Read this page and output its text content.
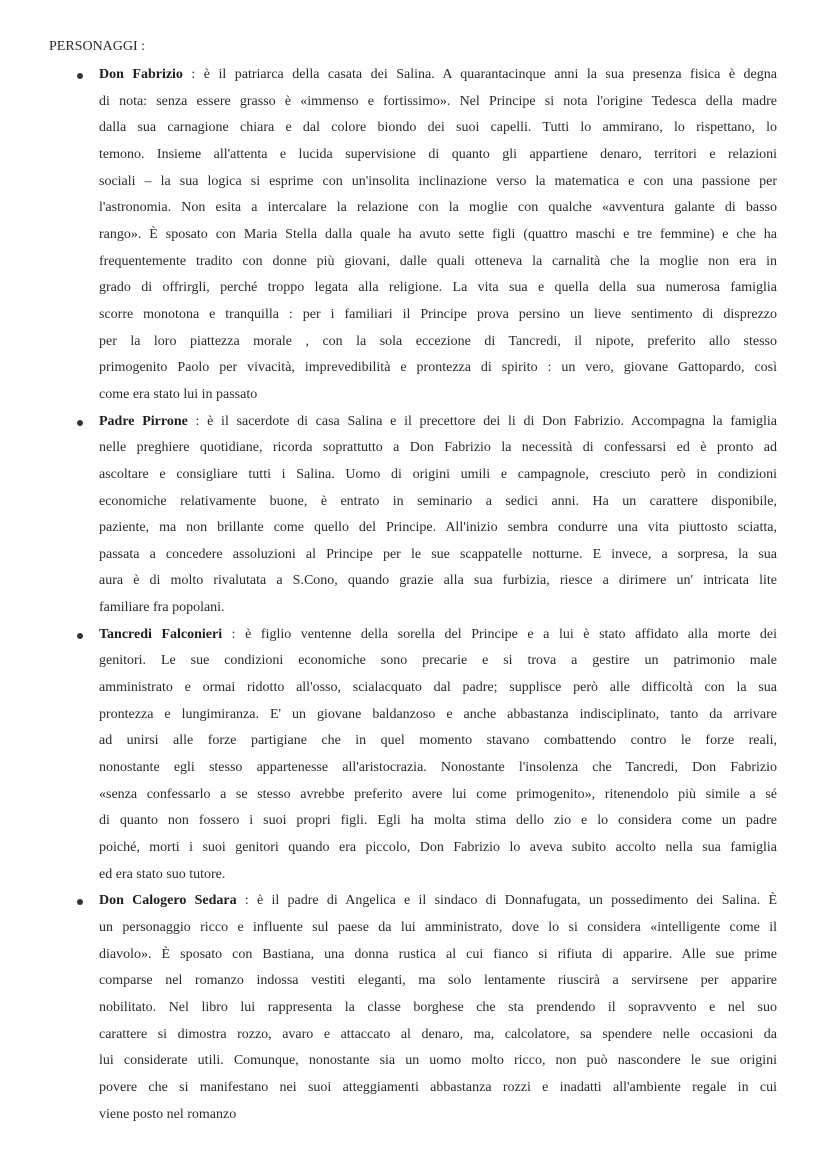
PERSONAGGI :
Don Fabrizio : è il patriarca della casata dei Salina. A quarantacinque anni la sua presenza fisica è degna
di nota: senza essere grasso è «immenso e fortissimo». Nel Principe si nota l'origine Tedesca della madre
dalla sua carnagione chiara e dal colore biondo dei suoi capelli. Tutti lo ammirano, lo rispettano, lo
temono. Insieme all'attenta e lucida supervisione di quanto gli appartiene denaro, territori e relazioni
sociali – la sua logica si esprime con un'insolita inclinazione verso la matematica e con una passione per
l'astronomia. Non esita a intercalare la relazione con la moglie con qualche «avventura galante di basso
rango». È sposato con Maria Stella dalla quale ha avuto sette figli (quattro maschi e tre femmine) e che ha
frequentemente tradito con donne più giovani, dalle quali otteneva la carnalità che la moglie non era in
grado di offrirgli, perché troppo legata alla religione. La vita sua e quella della sua numerosa famiglia
scorre monotona e tranquilla : per i familiari il Principe prova persino un lieve sentimento di disprezzo
per la loro piattezza morale , con la sola eccezione di Tancredi, il nipote, preferito allo stesso
primogenito Paolo per vivacità, imprevedibilità e prontezza di spirito : un vero, giovane Gattopardo, così
come era stato lui in passato
Padre Pirrone : è il sacerdote di casa Salina e il precettore dei li di Don Fabrizio. Accompagna la famiglia
nelle preghiere quotidiane, ricorda soprattutto a Don Fabrizio la necessità di confessarsi ed è pronto ad
ascoltare e consigliare tutti i Salina. Uomo di origini umili e campagnole, cresciuto però in condizioni
economiche relativamente buone, è entrato in seminario a sedici anni. Ha un carattere disponibile,
paziente, ma non brillante come quello del Principe. All'inizio sembra condurre una vita piuttosto sciatta,
passata a concedere assoluzioni al Principe per le sue scappatelle notturne. E invece, a sorpresa, la sua
aura è di molto rivalutata a S.Cono, quando grazie alla sua furbizia, riesce a dirimere un' intricata lite
familiare fra popolani.
Tancredi Falconieri : è figlio ventenne della sorella del Principe e a lui è stato affidato alla morte dei
genitori. Le sue condizioni economiche sono precarie e si trova a gestire un patrimonio male
amministrato e ormai ridotto all'osso, scialacquato dal padre; supplisce però alle difficoltà con la sua
prontezza e lungimiranza. E' un giovane baldanzoso e anche abbastanza indisciplinato, tanto da arrivare
ad unirsi alle forze partigiane che in quel momento stavano combattendo contro le forze reali,
nonostante egli stesso appartenesse all'aristocrazia. Nonostante l'insolenza che Tancredi, Don Fabrizio
«senza confessarlo a se stesso avrebbe preferito avere lui come primogenito», ritenendolo più simile a sé
di quanto non fossero i suoi propri figli. Egli ha molta stima dello zio e lo considera come un padre
poiché, morti i suoi genitori quando era piccolo, Don Fabrizio lo aveva subito accolto nella sua famiglia
ed era stato suo tutore.
Don Calogero Sedara : è il padre di Angelica e il sindaco di Donnafugata, un possedimento dei Salina. È
un personaggio ricco e influente sul paese da lui amministrato, dove lo si considera «intelligente come il
diavolo». È sposato con Bastiana, una donna rustica al cui fianco si rifiuta di apparire. Alle sue prime
comparse nel romanzo indossa vestiti eleganti, ma solo lentamente riuscirà a servirsene per apparire
nobilitato. Nel libro lui rappresenta la classe borghese che sta prendendo il sopravvento e nel suo
carattere si dimostra rozzo, avaro e attaccato al denaro, ma, calcolatore, sa spendere nelle occasioni da
lui considerate utili. Comunque, nonostante sia un uomo molto ricco, non può nascondere le sue origini
povere che si manifestano nei suoi atteggiamenti abbastanza rozzi e inadatti all'ambiente regale in cui
viene posto nel romanzo
